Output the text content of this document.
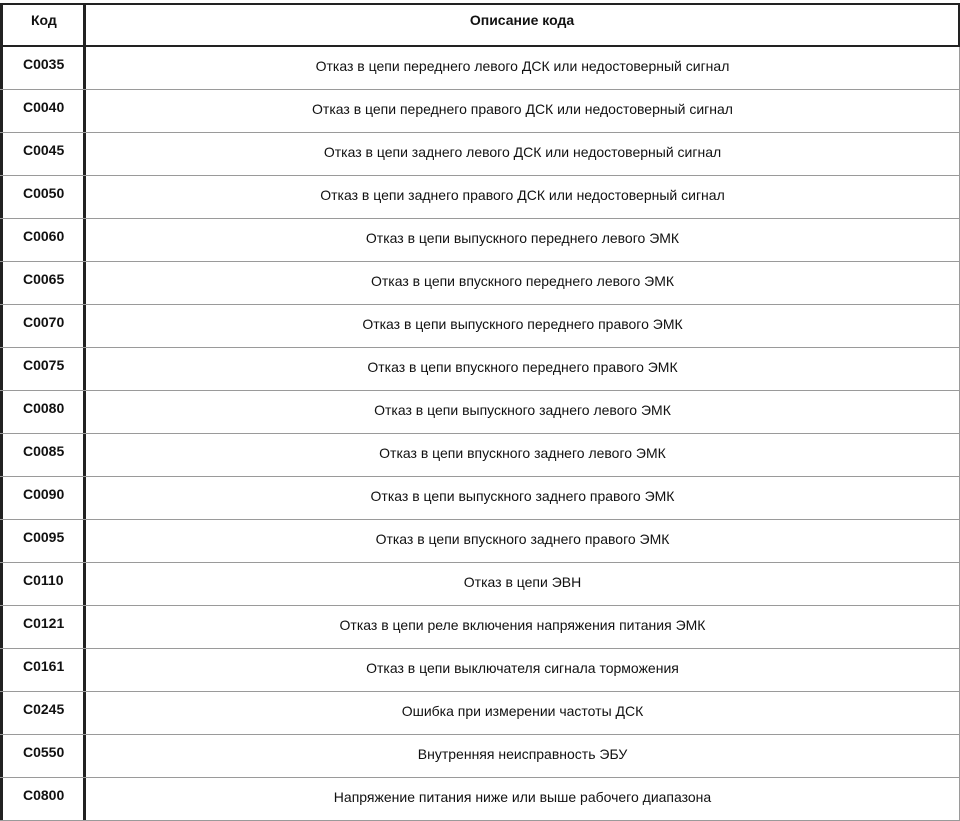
Код	Описание кода
C0035	Отказ в цепи переднего левого ДСК или недостоверный сигнал
C0040	Отказ в цепи переднего правого ДСК или недостоверный сигнал
C0045	Отказ в цепи заднего левого ДСК или недостоверный сигнал
C0050	Отказ в цепи заднего правого ДСК или недостоверный сигнал
C0060	Отказ в цепи выпускного переднего левого ЭМК
C0065	Отказ в цепи впускного переднего левого ЭМК
C0070	Отказ в цепи выпускного переднего правого ЭМК
C0075	Отказ в цепи впускного переднего правого ЭМК
C0080	Отказ в цепи выпускного заднего левого ЭМК
C0085	Отказ в цепи впускного заднего левого ЭМК
C0090	Отказ в цепи выпускного заднего правого ЭМК
C0095	Отказ в цепи впускного заднего правого ЭМК
C0110	Отказ в цепи ЭВН
C0121	Отказ в цепи реле включения напряжения питания ЭМК
C0161	Отказ в цепи выключателя сигнала торможения
C0245	Ошибка при измерении частоты ДСК
C0550	Внутренняя неисправность ЭБУ
C0800	Напряжение питания ниже или выше рабочего диапазона
